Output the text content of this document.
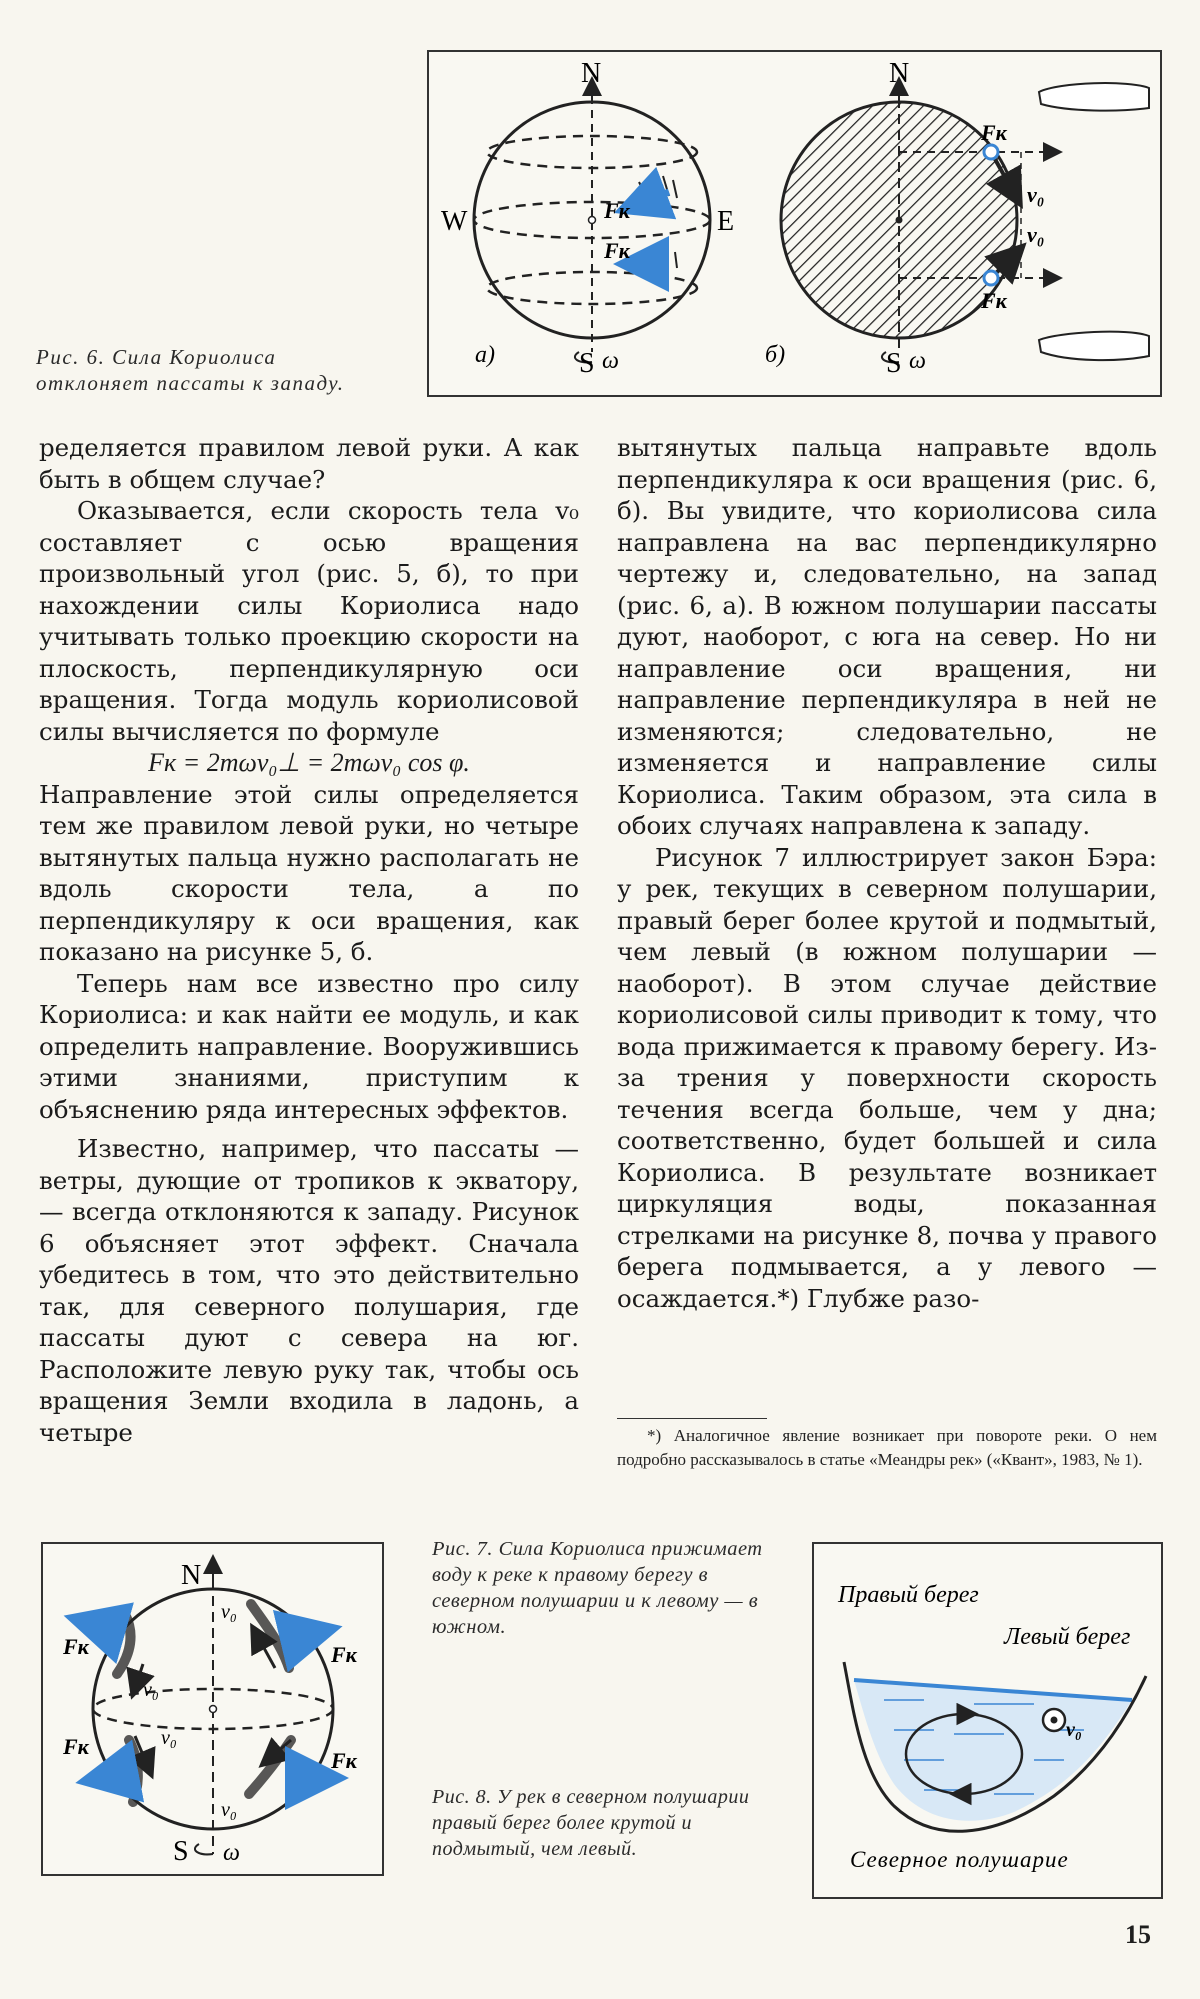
N
S
W	E
ω
Fк
Fк
а)
N
S ω
Fк
Fк
v₀
v₀
б)
Рис. 6. Сила Кориолиса отклоняет пассаты к западу.

ределяется правилом левой руки. А как быть в общем случае?

Оказывается, если скорость тела v₀ составляет с осью вращения произвольный угол (рис. 5, б), то при нахождении силы Кориолиса надо учитывать только проекцию скорости на плоскость, перпендикулярную оси вращения. Тогда модуль кориолисовой силы вычисляется по формуле

Fк = 2mωv₀⊥ = 2mωv₀ cos φ.

Направление этой силы определяется тем же правилом левой руки, но четыре вытянутых пальца нужно располагать не вдоль скорости тела, а по перпендикуляру к оси вращения, как показано на рисунке 5, б.

Теперь нам все известно про силу Кориолиса: и как найти ее модуль, и как определить направление. Вооружившись этими знаниями, приступим к объяснению ряда интересных эффектов.

Известно, например, что пассаты — ветры, дующие от тропиков к экватору, — всегда отклоняются к западу. Рисунок 6 объясняет этот эффект. Сначала убедитесь в том, что это действительно так, для северного полушария, где пассаты дуют с севера на юг. Расположите левую руку так, чтобы ось вращения Земли входила в ладонь, а четыре

вытянутых пальца направьте вдоль перпендикуляра к оси вращения (рис. 6, б). Вы увидите, что кориолисова сила направлена на вас перпендикулярно чертежу и, следовательно, на запад (рис. 6, а). В южном полушарии пассаты дуют, наоборот, с юга на север. Но ни направление оси вращения, ни направление перпендикуляра в ней не изменяются; следовательно, не изменяется и направление силы Кориолиса. Таким образом, эта сила в обоих случаях направлена к западу.

Рисунок 7 иллюстрирует закон Бэра: у рек, текущих в северном полушарии, правый берег более крутой и подмытый, чем левый (в южном полушарии — наоборот). В этом случае действие кориолисовой силы приводит к тому, что вода прижимается к правому берегу. Из-за трения у поверхности скорость течения всегда больше, чем у дна; соответственно, будет большей и сила Кориолиса. В результате возникает циркуляция воды, показанная стрелками на рисунке 8, почва у правого берега подмывается, а у левого — осаждается.*) Глубже разо-

*) Аналогичное явление возникает при повороте реки. О нем подробно рассказывалось в статье «Меандры рек» («Квант», 1983, № 1).
N
S ω
Fк	Fк
Fк
Fк
v₀
v₀
v₀
v₀
Рис. 7. Сила Кориолиса прижимает воду к реке к правому берегу в северном полушарии и к левому — в южном.
Рис. 8. У рек в северном полушарии правый берег более крутой и подмытый, чем левый.
Правый берег
Левый берег
v₀
Северное полушарие
15
